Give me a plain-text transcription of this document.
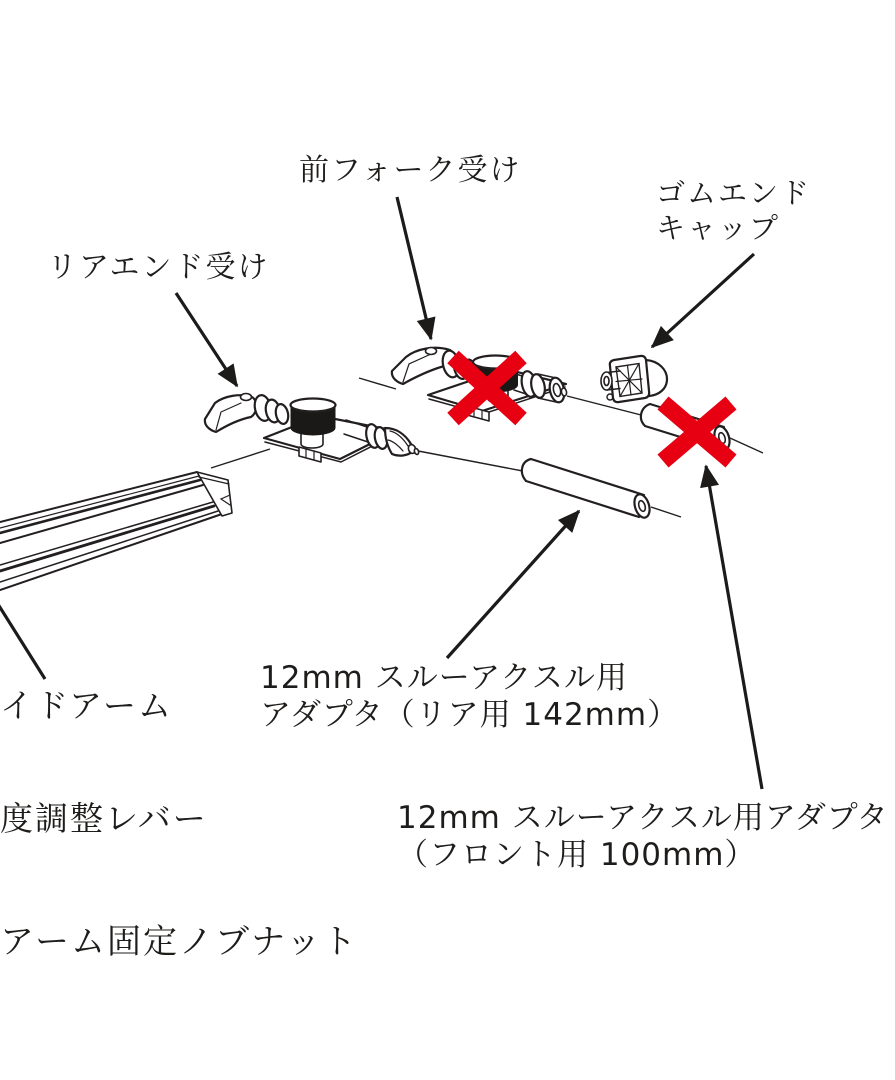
前フォーク受け
ゴムエンド
キャップ
リアエンド受け
イドアーム
度調整レバー
アーム固定ノブナット
12mm スルーアクスル用
アダプタ（リア用 142mm）
12mm スルーアクスル用アダプタ
（フロント用 100mm）
